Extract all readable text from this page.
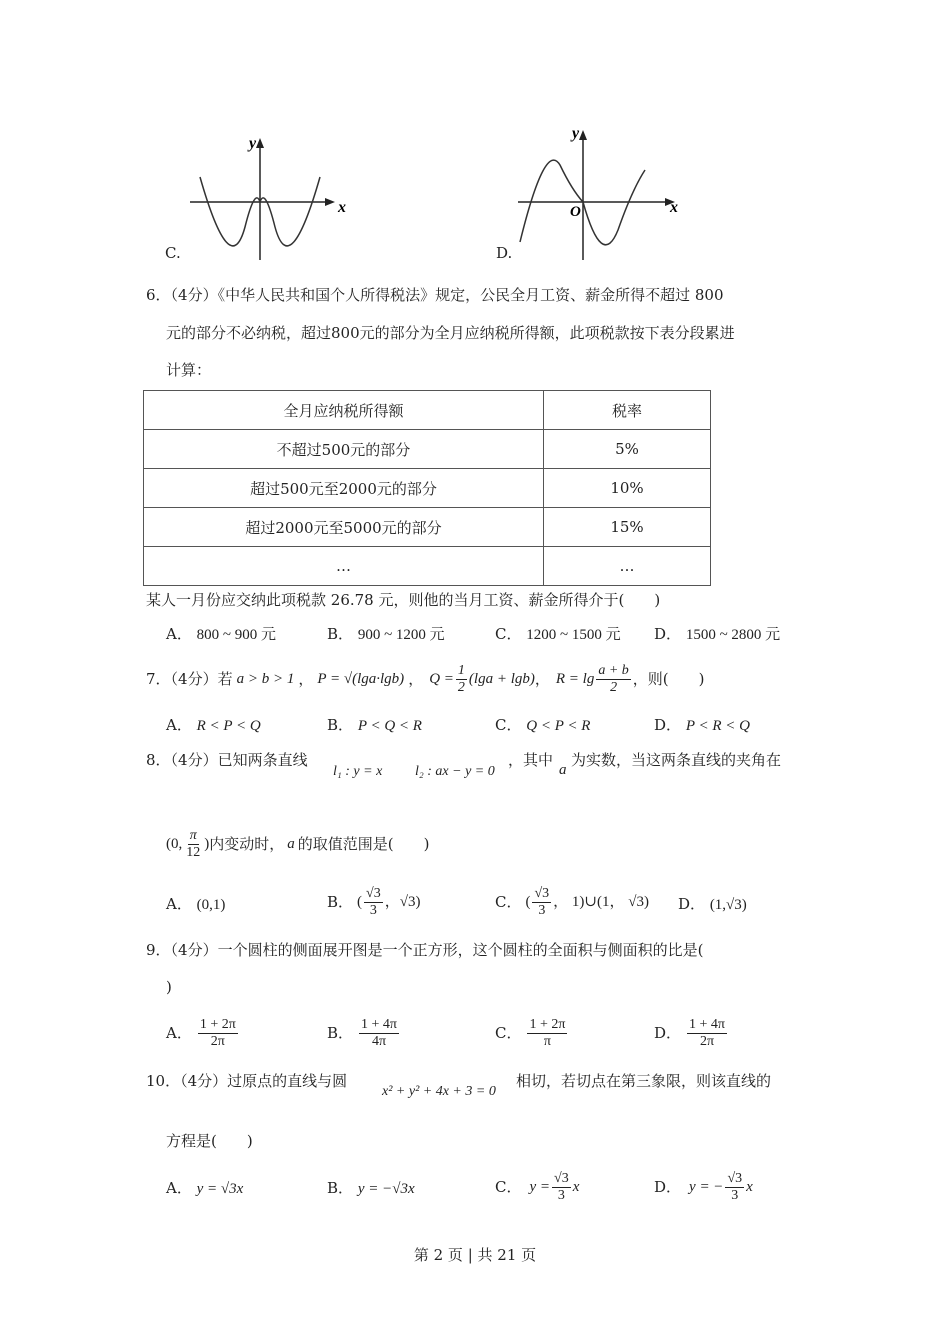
y
x
C.
y
x
O
D.
6．（4分）《中华人民共和国个人所得税法》规定，公民全月工资、薪金所得不超过 800
元的部分不必纳税，超过800元的部分为全月应纳税所得额，此项税款按下表分段累进
计算：
全月应纳税所得额	税率
不超过500元的部分	5%
超过500元至2000元的部分	10%
超过2000元至5000元的部分	15%
…	…
某人一月份应交纳此项税款 26.78 元，则他的当月工资、薪金所得介于(　　)
A． 800 ~ 900 元	B． 900 ~ 1200 元	C． 1200 ~ 1500 元 D． 1500 ~ 2800 元
7．（4分）若 a > b > 1 ， P = √(lga·lgb) ， $Q = \frac{1}{2} (\lg a + \lg b)$ ， $R = \lg \frac{a + b}{2}$ ，则(　　)
A． R < P < Q	B． P < Q < R	C． Q < P < R	D． P < R < Q
8．（4分）已知两条直线
l₁ : y = x l₂ : ax − y = 0
，其中
a
为实数，当这两条直线的夹角在
(0, $\frac{\pi}{12}$ ) 内变动时， a 的取值范围是(　　)
A． (0,1)	B． ( $\frac{√3}{3}$ ，√3)	C． ( $\frac{√3}{3}$ ， 1)∪(1， √3) D． (1,√3)
9．（4分）一个圆柱的侧面展开图是一个正方形，这个圆柱的全面积与侧面积的比是(
)
A． $\frac{1 + 2\pi}{2\pi}$	B． $\frac{1 + 4\pi}{4\pi}$	C． $\frac{1 + 2\pi}{\pi}$	D． $\frac{1 + 4\pi}{2\pi}$
10．（4分）过原点的直线与圆
x² + y² + 4x + 3 = 0
相切，若切点在第三象限，则该直线的
方程是(　　)
A． y = √3x	B． y = −√3x	C． $y = \frac{√3}{3}$ x	D． y = − $\frac{√3}{3}$ x
第 2 页 | 共 21 页
